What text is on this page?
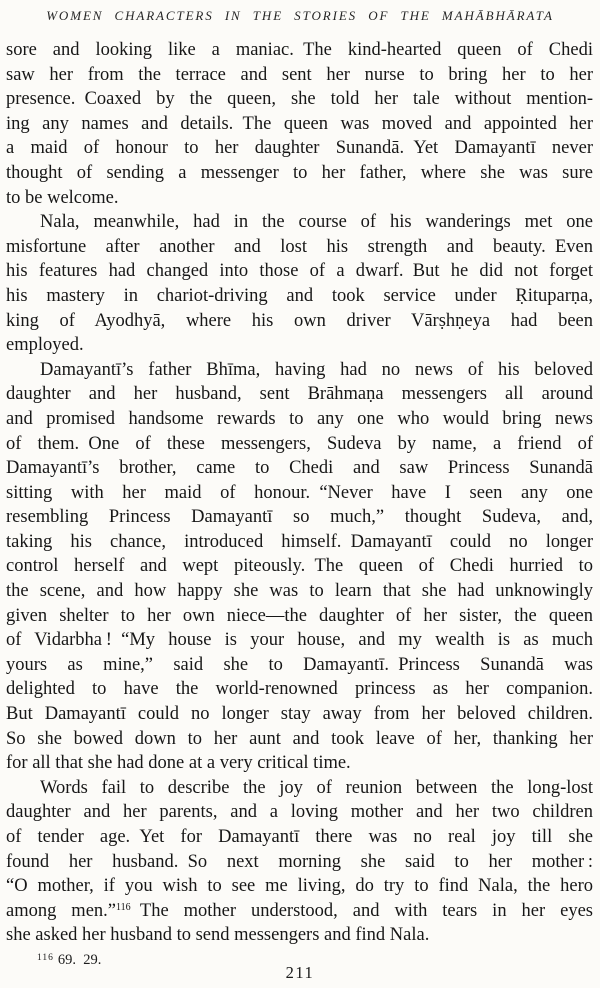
WOMEN CHARACTERS IN THE STORIES OF THE MAHĀBHĀRATA
sore and looking like a maniac. The kind-hearted queen of Chedi
saw her from the terrace and sent her nurse to bring her to her
presence. Coaxed by the queen, she told her tale without mention-
ing any names and details. The queen was moved and appointed her
a maid of honour to her daughter Sunandā. Yet Damayantī never
thought of sending a messenger to her father, where she was sure
to be welcome.
Nala, meanwhile, had in the course of his wanderings met one
misfortune after another and lost his strength and beauty. Even
his features had changed into those of a dwarf. But he did not forget
his mastery in chariot-driving and took service under Ṛituparṇa,
king of Ayodhyā, where his own driver Vārṣhṇeya had been
employed.
Damayantī’s father Bhīma, having had no news of his beloved
daughter and her husband, sent Brāhmaṇa messengers all around
and promised handsome rewards to any one who would bring news
of them. One of these messengers, Sudeva by name, a friend of
Damayantī’s brother, came to Chedi and saw Princess Sunandā
sitting with her maid of honour. “Never have I seen any one
resembling Princess Damayantī so much,” thought Sudeva, and,
taking his chance, introduced himself. Damayantī could no longer
control herself and wept piteously. The queen of Chedi hurried to
the scene, and how happy she was to learn that she had unknowingly
given shelter to her own niece—the daughter of her sister, the queen
of Vidarbha ! “My house is your house, and my wealth is as much
yours as mine,” said she to Damayantī. Princess Sunandā was
delighted to have the world-renowned princess as her companion.
But Damayantī could no longer stay away from her beloved children.
So she bowed down to her aunt and took leave of her, thanking her
for all that she had done at a very critical time.
Words fail to describe the joy of reunion between the long-lost
daughter and her parents, and a loving mother and her two children
of tender age. Yet for Damayantī there was no real joy till she
found her husband. So next morning she said to her mother :
“O mother, if you wish to see me living, do try to find Nala, the hero
among men.”$^{116}$ The mother understood, and with tears in her eyes
she asked her husband to send messengers and find Nala.
$^{116}$ 69. 29.
211
